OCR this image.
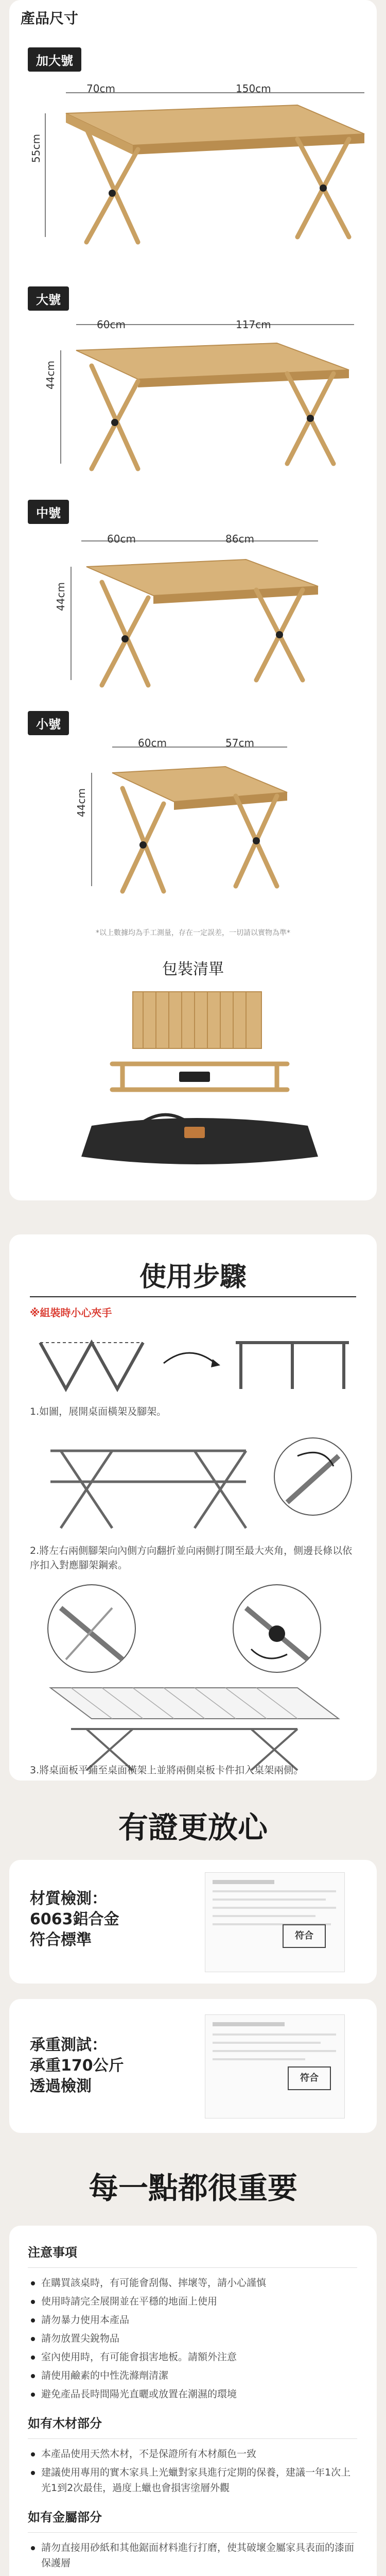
產品尺寸
加大號
70cm	150cm
55cm
大號
60cm	117cm
44cm
中號
60cm	86cm
44cm
小號
60cm	57cm
44cm
*以上數據均為手工測量，存在一定誤差，一切請以實物為準*
包裝清單
使用步驟
※組裝時小心夾手
1.如圖，展開桌面橫架及腳架。
2.將左右兩側腳架向內側方向翻折並向兩側打開至最大夾角，側邊長條以依序扣入對應腳架鋼索。
3.將桌面板平鋪至桌面橫架上並將兩側桌板卡件扣入桌架兩側。
有證更放心
材質檢測：
6063鋁合金
符合標準	符合
承重測試：
承重170公斤
透過檢測	符合
每一點都很重要
注意事項
在購買該桌時，有可能會刮傷、摔壞等，請小心謹慎
使用時請完全展開並在平穩的地面上使用
請勿暴力使用本產品
請勿放置尖銳物品
室內使用時，有可能會損害地板。請額外注意
請使用鹼素的中性洗滌劑清潔
避免產品長時間陽光直曬或放置在潮濕的環境
如有木材部分
本產品使用天然木材，不是保證所有木材顏色一致
建議使用專用的實木家具上光蠟對家具進行定期的保養，建議一年1次上光1到2次最佳，過度上蠟也會損害塗層外觀
如有金屬部分
請勿直接用砂紙和其他鋸面材料進行打磨，使其破壞金屬家具表面的漆面保護層
